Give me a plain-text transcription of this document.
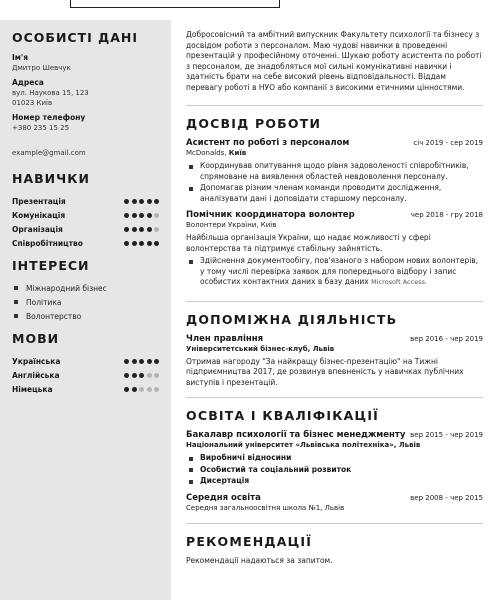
ОСОБИСТІ ДАНІ
Ім'я
Дмитро Шевчук
Адреса
вул. Наукова 15, 123
01023 Київ
Номер телефону
+380 235 15 25
example@gmail.com
НАВИЧКИ
Презентація
Комунікація
Організація
Співробітництво
ІНТЕРЕСИ
Міжнародний бізнес
Політика
Волонтерство
МОВИ
Українська
Англійська
Німецька

Добросовісний та амбітний випускник Факультету психології та бізнесу з досвідом роботи з персоналом. Маю чудові навички в проведенні презентацій у професійному оточенні. Шукаю роботу асистента по роботі з персоналом, де знадобляться мої сильні комунікативні навички і здатність брати на себе високий рівень відповідальності. Віддам перевагу роботі в НУО або компанії з високими етичними цінностями.

ДОСВІД РОБОТИ
Асистент по роботі з персоналом	січ 2019 - сер 2019
McDonalds, Київ
Координував опитування щодо рівня задоволеності співробітників, спрямоване на виявлення областей невдоволення персоналу.
Допомагав різним членам команди проводити дослідження, аналізувати дані і доповідати старшому персоналу.
Помічник координатора волонтер	чер 2018 - гру 2018
Волонтери України, Київ

Найбільша організація України, що надає можливості у сфері волонтерства та підтримує стабільну зайнятість.

Здійснення документообігу, пов'язаного з набором нових волонтерів, у тому числі перевірка заявок для попереднього відбору і запис особистих контактних даних в базу даних Microsoft Access.
ДОПОМІЖНА ДІЯЛЬНІСТЬ
Член правління	вер 2016 - чер 2019
Університетський бізнес-клуб, Львів

Отримав нагороду "За найкращу бізнес-презентацію" на Тижні підприємництва 2017, де розвинув впевненість у навичках публічних виступів і презентацій.

ОСВІТА І КВАЛІФІКАЦІЇ
Бакалавр психології та бізнес менеджменту вер 2015 - чер 2019
Національний університет «Львівська політехніка», Львів
Виробничі відносини
Особистий та соціальний розвиток
Дисертація
Середня освіта	вер 2008 - чер 2015
Середня загальноосвітня школа №1, Львів
РЕКОМЕНДАЦІЇ

Рекомендації надаються за запитом.
